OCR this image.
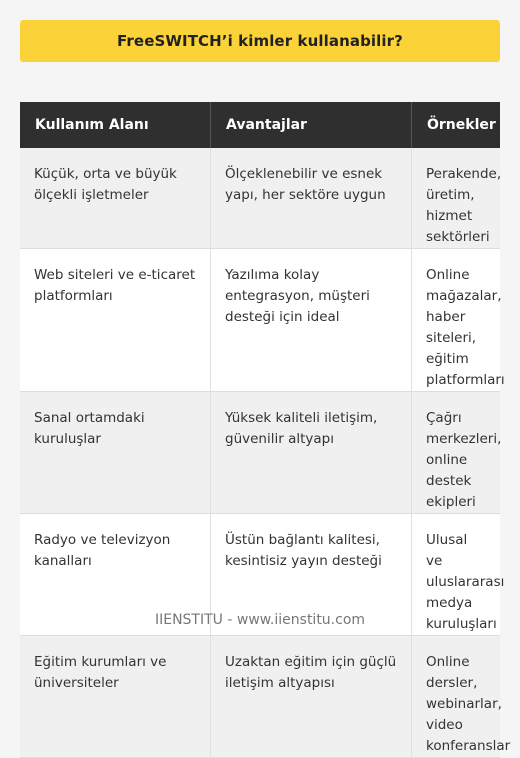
FreeSWITCH’i kimler kullanabilir?
Kullanım Alanı	Avantajlar	Örnekler
Küçük, orta ve büyük ölçekli işletmeler	Ölçeklenebilir ve esnek yapı, her sektöre uygun	Perakende, üretim, hizmet sektörleri
Web siteleri ve e-ticaret platformları	Yazılıma kolay entegrasyon, müşteri desteği için ideal	Online mağazalar, haber siteleri, eğitim platformları
Sanal ortamdaki kuruluşlar	Yüksek kaliteli iletişim, güvenilir altyapı	Çağrı merkezleri, online destek ekipleri
Radyo ve televizyon kanalları	Üstün bağlantı kalitesi, kesintisiz yayın desteği	Ulusal ve uluslararası medya kuruluşları
Eğitim kurumları ve üniversiteler	Uzaktan eğitim için güçlü iletişim altyapısı	Online dersler, webinarlar, video konferanslar
IIENSTITU - www.iienstitu.com
